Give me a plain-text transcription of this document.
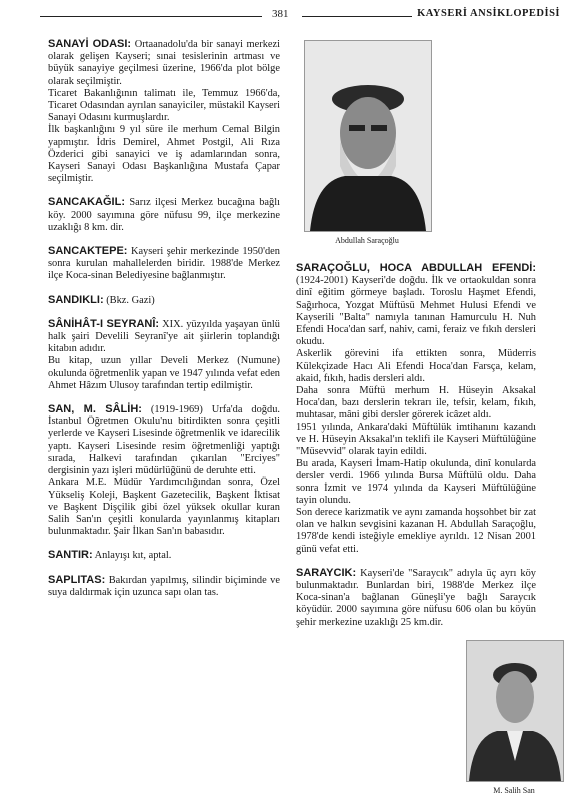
381	KAYSERİ ANSİKLOPEDİSİ

SANAYİ ODASI: Ortaanadolu'da bir sanayi merkezi olarak gelişen Kayseri; sınai tesislerinin artması ve büyük sanayiye geçilmesi üzerine, 1966'da plot bölge olarak seçilmiştir.

Ticaret Bakanlığının talimatı ile, Temmuz 1966'da, Ticaret Odasından ayrılan sanayiciler, müstakil Kayseri Sanayi Odasını kurmuşlardır.

İlk başkanlığını 9 yıl süre ile merhum Cemal Bilgin yapmıştır. İdris Demirel, Ahmet Postgil, Ali Rıza Özderici gibi sanayici ve iş adamlarından sonra, Kayseri Sanayi Odası Başkanlığına Mustafa Çapar seçilmiştir.

SANCAKAĞIL: Sarız ilçesi Merkez bucağına bağlı köy. 2000 sayımına göre nüfusu 99, ilçe merkezine uzaklığı 8 km. dir.

SANCAKTEPE: Kayseri şehir merkezinde 1950'den sonra kurulan mahallelerden biridir. 1988'de Merkez ilçe Koca-sinan Belediyesine bağlanmıştır.

SANDIKLI: (Bkz. Gazi)

SÂNİHÂT-I SEYRANÎ: XIX. yüzyılda yaşayan ünlü halk şairi Develili Seyranî'ye ait şiirlerin toplandığı kitabın adıdır.

Bu kitap, uzun yıllar Develi Merkez (Numune) okulunda öğretmenlik yapan ve 1947 yılında vefat eden Ahmet Hâzım Ulusoy tarafından tertip edilmiştir.

SAN, M. SÂLİH: (1919-1969) Urfa'da doğdu. İstanbul Öğretmen Okulu'nu bitirdikten sonra çeşitli yerlerde ve Kayseri Lisesinde öğretmenlik ve idarecilik yaptı. Kayseri Lisesinde resim öğretmenliği yaptığı sırada, Halkevi tarafından çıkarılan "Erciyes" dergisinin yazı işleri müdürlüğünü de deruhte etti.

Ankara M.E. Müdür Yardımcılığından sonra, Özel Yükseliş Koleji, Başkent Gazetecilik, Başkent İktisat ve Başkent Dişçilik gibi özel yüksek okullar kuran Salih San'ın çeşitli konularda yayınlanmış kitapları bulunmaktadır. Şair İlkan San'ın babasıdır.

SANTIR: Anlayışı kıt, aptal.

SAPLITAS: Bakırdan yapılmış, silindir biçiminde ve suya daldırmak için uzunca sapı olan tas.

Abdullah Saraçoğlu

SARAÇOĞLU, HOCA ABDULLAH EFENDİ: (1924-2001) Kayseri'de doğdu. İlk ve ortaokuldan sonra dinî eğitim görmeye başladı. Toroslu Haşmet Efendi, Sağırhoca, Yozgat Müftüsü Mehmet Hulusi Efendi ve Kayserili "Balta" namıyla tanınan Hamurculu H. Nuh Efendi Hoca'dan sarf, nahiv, cami, feraiz ve fıkıh dersleri okudu.

Askerlik görevini ifa ettikten sonra, Müderris Külekçizade Hacı Ali Efendi Hoca'dan Farsça, kelam, akaid, fıkıh, hadis dersleri aldı.

Daha sonra Müftü merhum H. Hüseyin Aksakal Hoca'dan, bazı derslerin tekrarı ile, tefsir, kelam, fıkıh, muhtasar, mâni gibi dersler görerek icâzet aldı.

1951 yılında, Ankara'daki Müftülük imtihanını kazandı ve H. Hüseyin Aksakal'ın teklifi ile Kayseri Müftülüğüne "Müsevvid" olarak tayin edildi.

Bu arada, Kayseri İmam-Hatip okulunda, dinî konularda dersler verdi. 1966 yılında Bursa Müftülü oldu. Daha sonra İzmit ve 1974 yılında da Kayseri Müftülüğüne tayin olundu.

Son derece karizmatik ve aynı zamanda hoşsohbet bir zat olan ve halkın sevgisini kazanan H. Abdullah Saraçoğlu, 1978'de kendi isteğiyle emekliye ayrıldı. 12 Nisan 2001 günü vefat etti.

SARAYCIK: Kayseri'de "Saraycık" adıyla üç ayrı köy bulunmaktadır. Bunlardan biri, 1988'de Merkez ilçe Koca-sinan'a bağlanan Güneşli'ye bağlı Saraycık köyüdür. 2000 sayımına göre nüfusu 606 olan bu köyün şehir merkezine uzaklığı 25 km.dir.

M. Salih San
